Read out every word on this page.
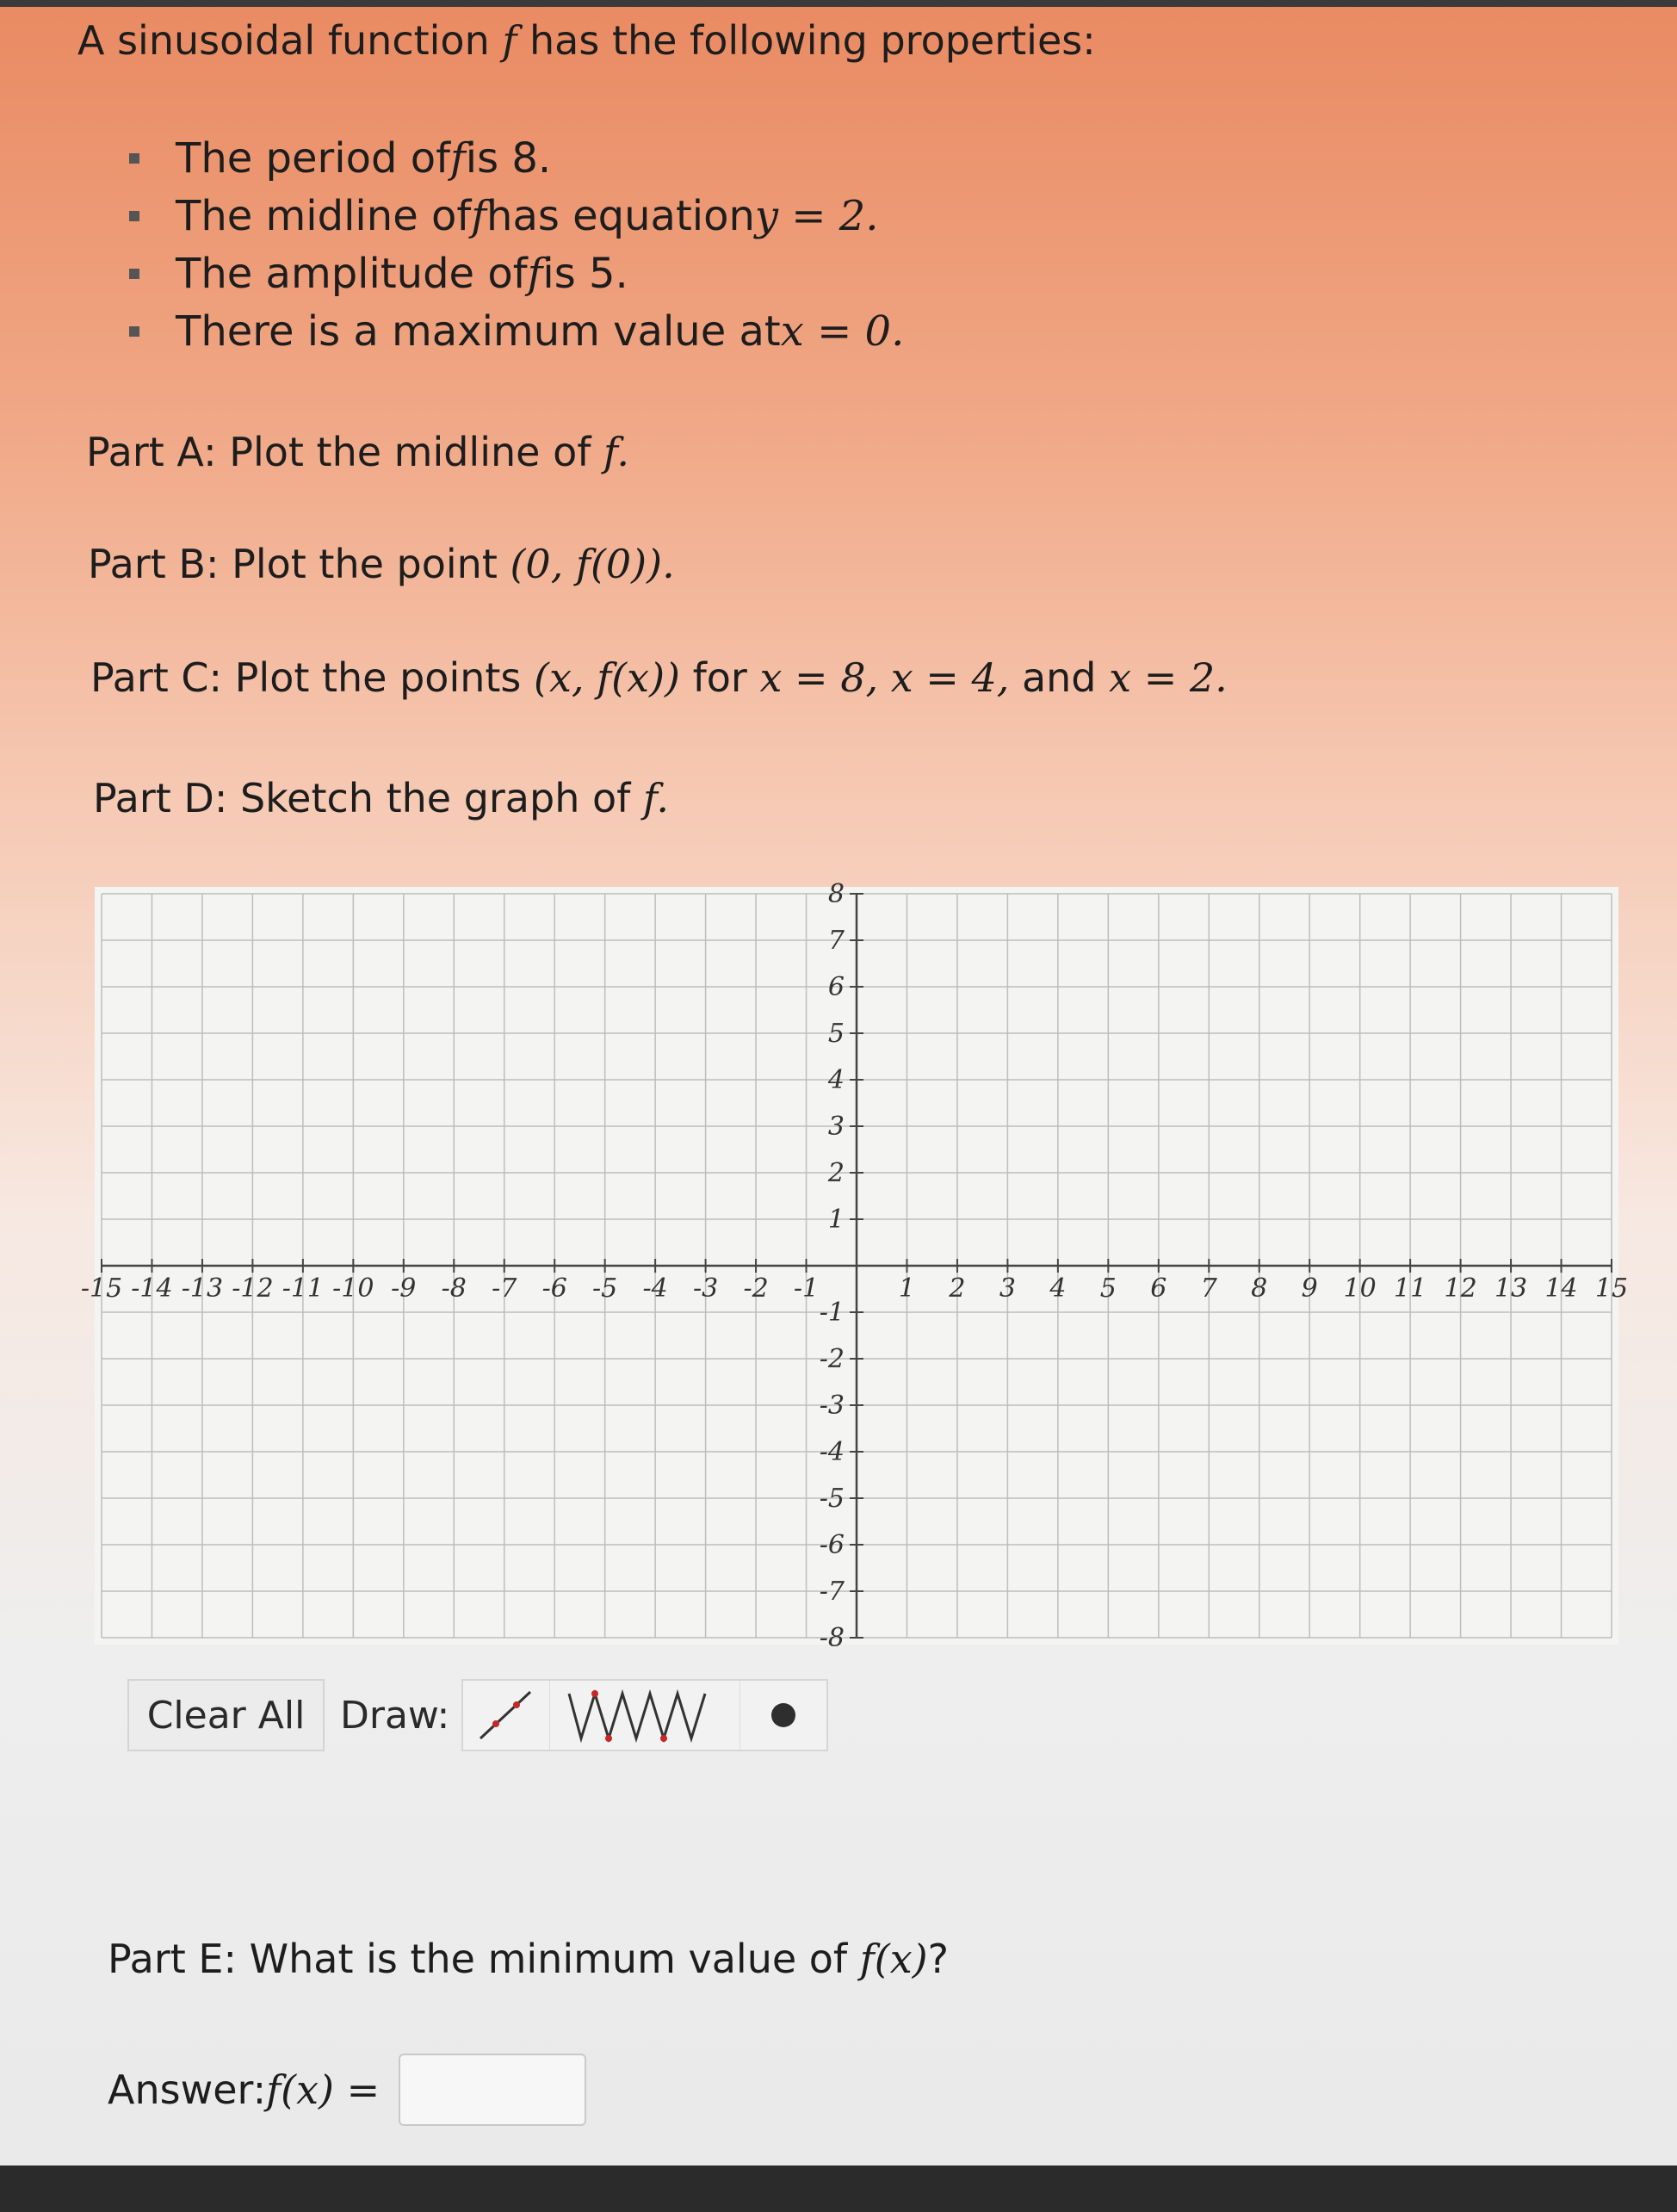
A sinusoidal function f has the following properties:
The period of f is 8.
The midline of f has equation y = 2.
The amplitude of f is 5.
There is a maximum value at x = 0.
Part A: Plot the midline of f.
Part B: Plot the point (0, f(0)).
Part C: Plot the points (x, f(x)) for x = 8, x = 4, and x = 2.
Part D: Sketch the graph of f.
-15 -14 -13 -12 -11 -10 -9 -8 -7 -6 -5 -4 -3 -2 -1	1 2 3 4 5 6 7 8 9 10 11 12 13 14 15
8
7
6
5
4
3
2
1
-1
-2
-3
-4
-5
-6
-7
-8
Clear All Draw:
Part E: What is the minimum value of f(x)?
Answer: f(x) =
